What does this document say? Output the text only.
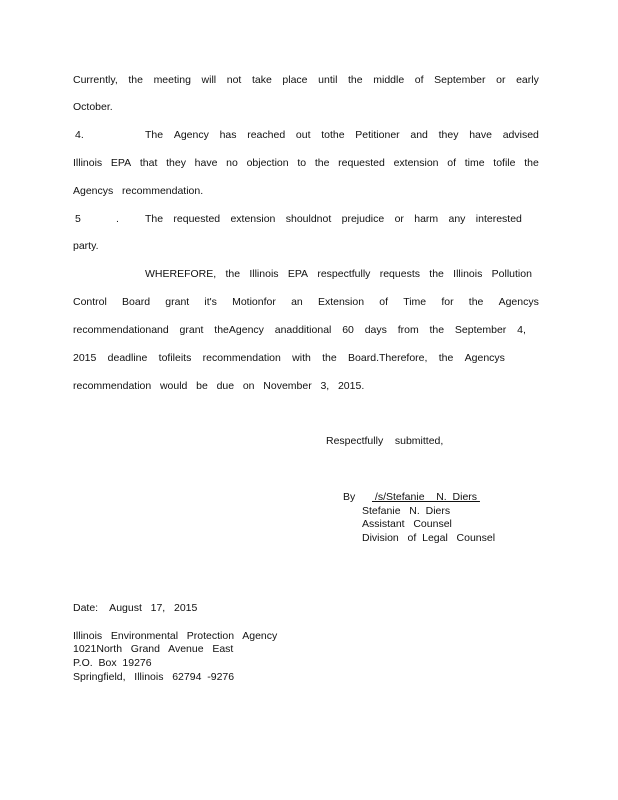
Currently, the meeting will not take place until the middle of September or early
October.
4.	The Agency has reached out tothe Petitioner and they have advised
Illinois EPA that they have no objection to the requested extension of time tofile the
Agencys   recommendation.
5	. The requested extension shouldnot prejudice or harm any interested
party.
WHEREFORE, the Illinois EPA respectfully requests the Illinois Pollution
Control Board grant it's Motionfor an Extension of Time for the Agencys
recommendationand grant theAgency anadditional 60 days from the September 4,
2015 deadline tofileits recommendation with the Board.Therefore, the Agencys
recommendation   would   be   due   on   November   3,   2015.
Respectfully    submitted,
By /s/Stefanie    N.  Diers
Stefanie   N.  Diers
Assistant   Counsel
Division   of  Legal   Counsel
Date:    August   17,   2015
Illinois   Environmental   Protection   Agency
1021North   Grand   Avenue   East
P.O.  Box  19276
Springfield,   Illinois   62794  -9276
